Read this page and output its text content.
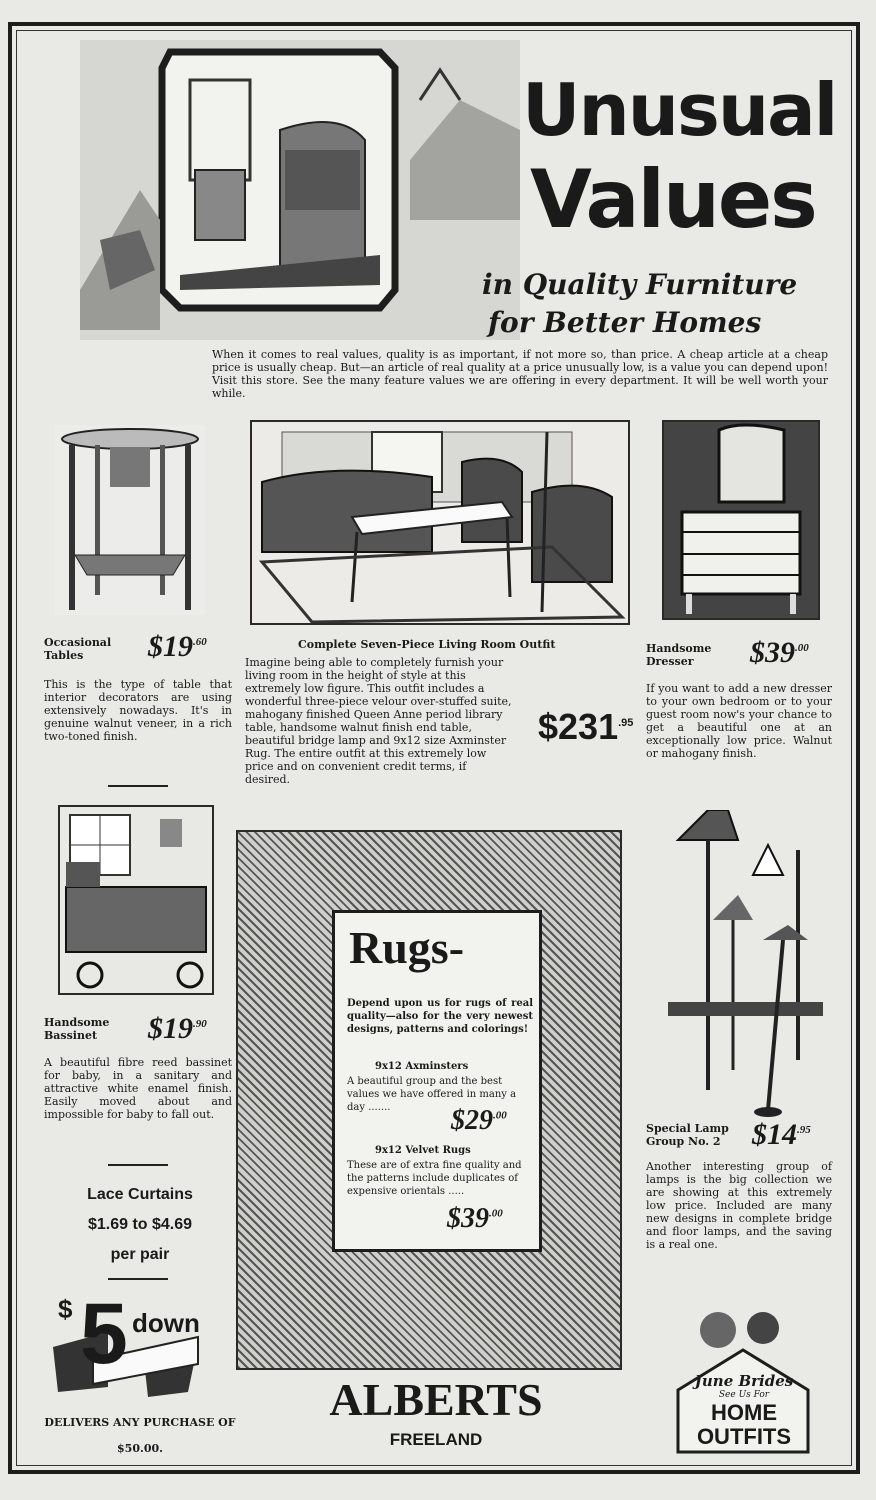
Unusual
Values
in Quality Furniture
for Better Homes
When it comes to real values, quality is as important, if not more so, than price. A cheap article at a cheap price is usually cheap. But—an article of real quality at a price unusually low, is a value you can depend upon! Visit this store. See the many feature values we are offering in every department. It will be well worth your while.
Occasional Tables	$\$19^{.60}$
This is the type of table that interior decorators are using extensively nowadays. It's in genuine walnut veneer, in a rich two-toned finish.
Complete Seven-Piece Living Room Outfit
Imagine being able to completely furnish your living room in the height of style at this extremely low figure. This outfit includes a wonderful three-piece velour over-stuffed suite, mahogany finished Queen Anne period library table, handsome walnut finish end table, beautiful bridge lamp and 9x12 size Axminster Rug. The entire outfit at this extremely low price and on convenient credit terms, if desired.
$\$231^{.95}$
Handsome Dresser	$\$39^{.00}$
If you want to add a new dresser to your own bedroom or to your guest room now's your chance to get a beautiful one at an exceptionally low price. Walnut or mahogany finish.
Handsome Bassinet	$\$19^{.90}$
A beautiful fibre reed bassinet for baby, in a sanitary and attractive white enamel finish. Easily moved about and impossible for baby to fall out.
Lace Curtains
$1.69 to $4.69
per pair
$ 5 down
DELIVERS ANY PURCHASE OF $50.00.
Rugs-
Depend upon us for rugs of real quality—also for the very newest designs, patterns and colorings!
9x12 Axminsters
A beautiful group and the best values we have offered in many a day .......	$\$29^{.00}$
9x12 Velvet Rugs
These are of extra fine quality and the patterns include duplicates of expensive orientals .....
$\$39^{.00}$
Special Lamp Group No. 2	$\$14^{.95}$
Another interesting group of lamps is the big collection we are showing at this extremely low price. Included are many new designs in complete bridge and floor lamps, and the saving is a real one.
ALBERTS
FREELAND
June Brides
See Us For
HOME
OUTFITS
